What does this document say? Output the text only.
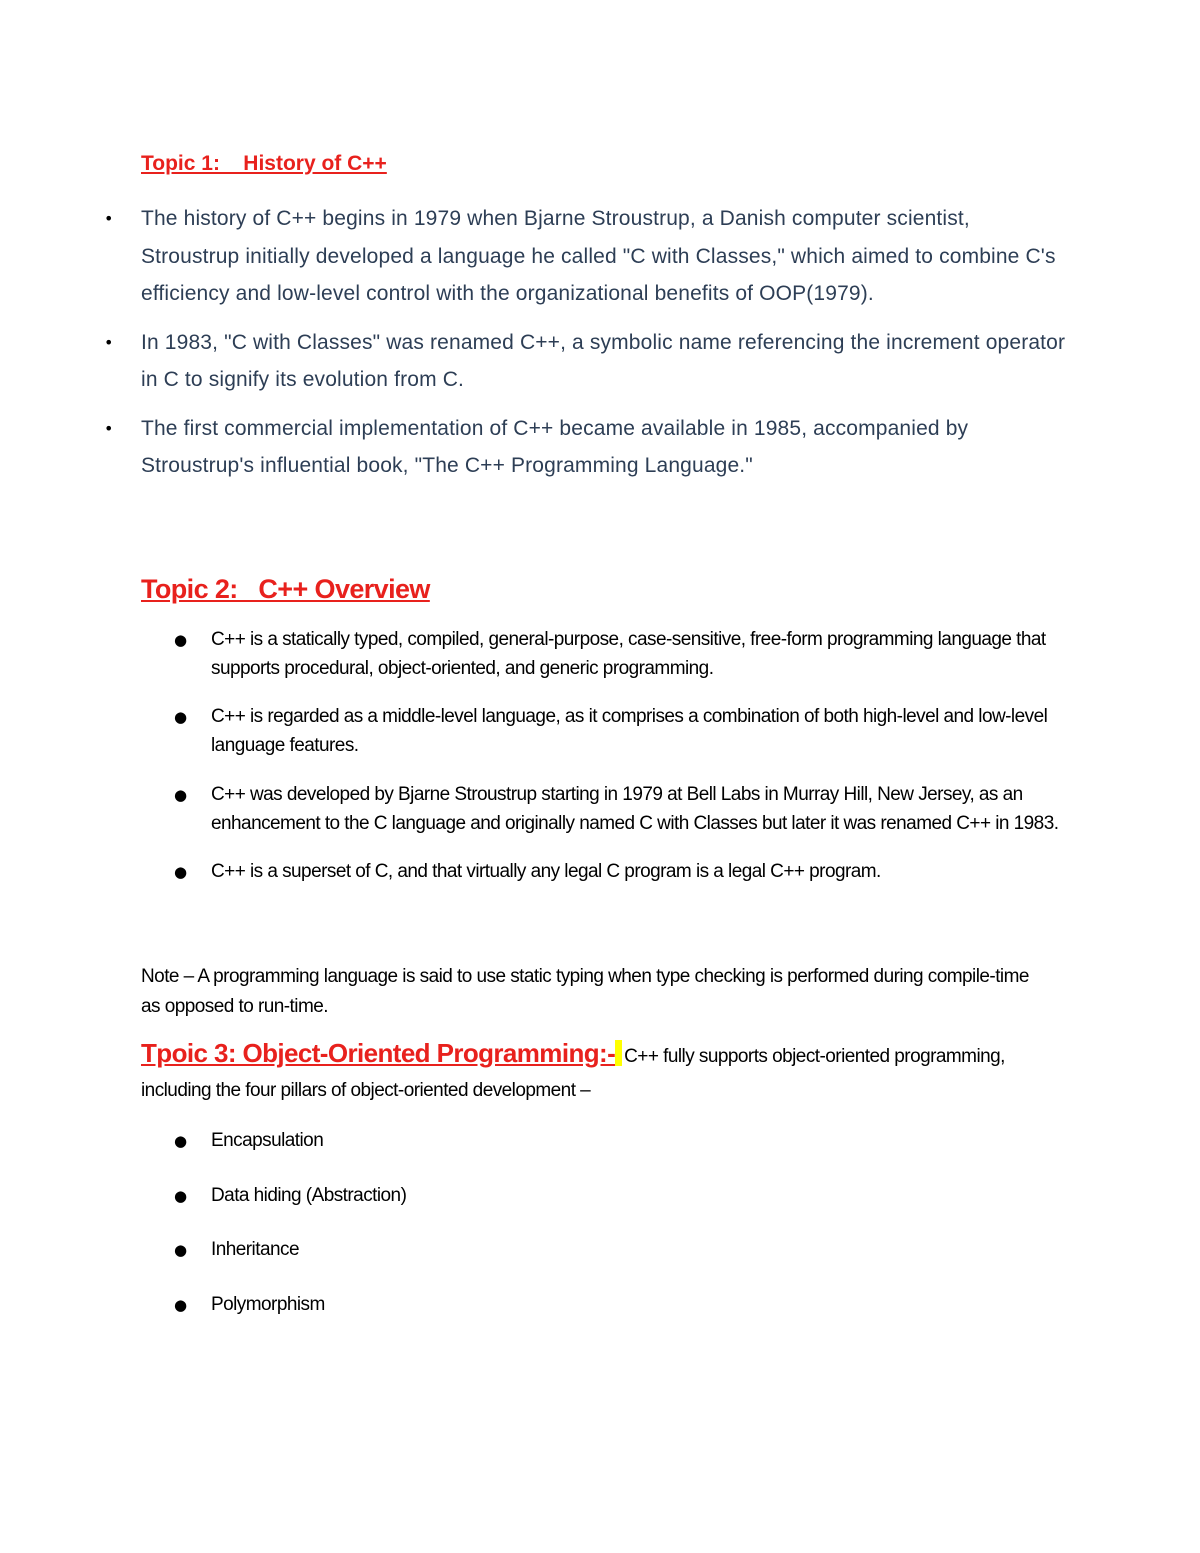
Topic 1:    History of C++
• The history of C++ begins in 1979 when Bjarne Stroustrup, a Danish computer scientist, Stroustrup initially developed a language he called "C with Classes," which aimed to combine C's efficiency and low-level control with the organizational benefits of OOP(1979).
• In 1983, "C with Classes" was renamed C++, a symbolic name referencing the increment operator in C to signify its evolution from C.
• The first commercial implementation of C++ became available in 1985, accompanied by Stroustrup's influential book, "The C++ Programming Language."
Topic 2:   C++ Overview
● C++ is a statically typed, compiled, general-purpose, case-sensitive, free-form programming language that supports procedural, object-oriented, and generic programming.
● C++ is regarded as a middle-level language, as it comprises a combination of both high-level and low-level language features.
● C++ was developed by Bjarne Stroustrup starting in 1979 at Bell Labs in Murray Hill, New Jersey, as an enhancement to the C language and originally named C with Classes but later it was renamed C++ in 1983.
● C++ is a superset of C, and that virtually any legal C program is a legal C++ program.

Note – A programming language is said to use static typing when type checking is performed during compile-time as opposed to run-time.

Tpoic 3: Object-Oriented Programming:- C++ fully supports object-oriented programming, including the four pillars of object-oriented development –

● Encapsulation
● Data hiding (Abstraction)
● Inheritance
● Polymorphism
